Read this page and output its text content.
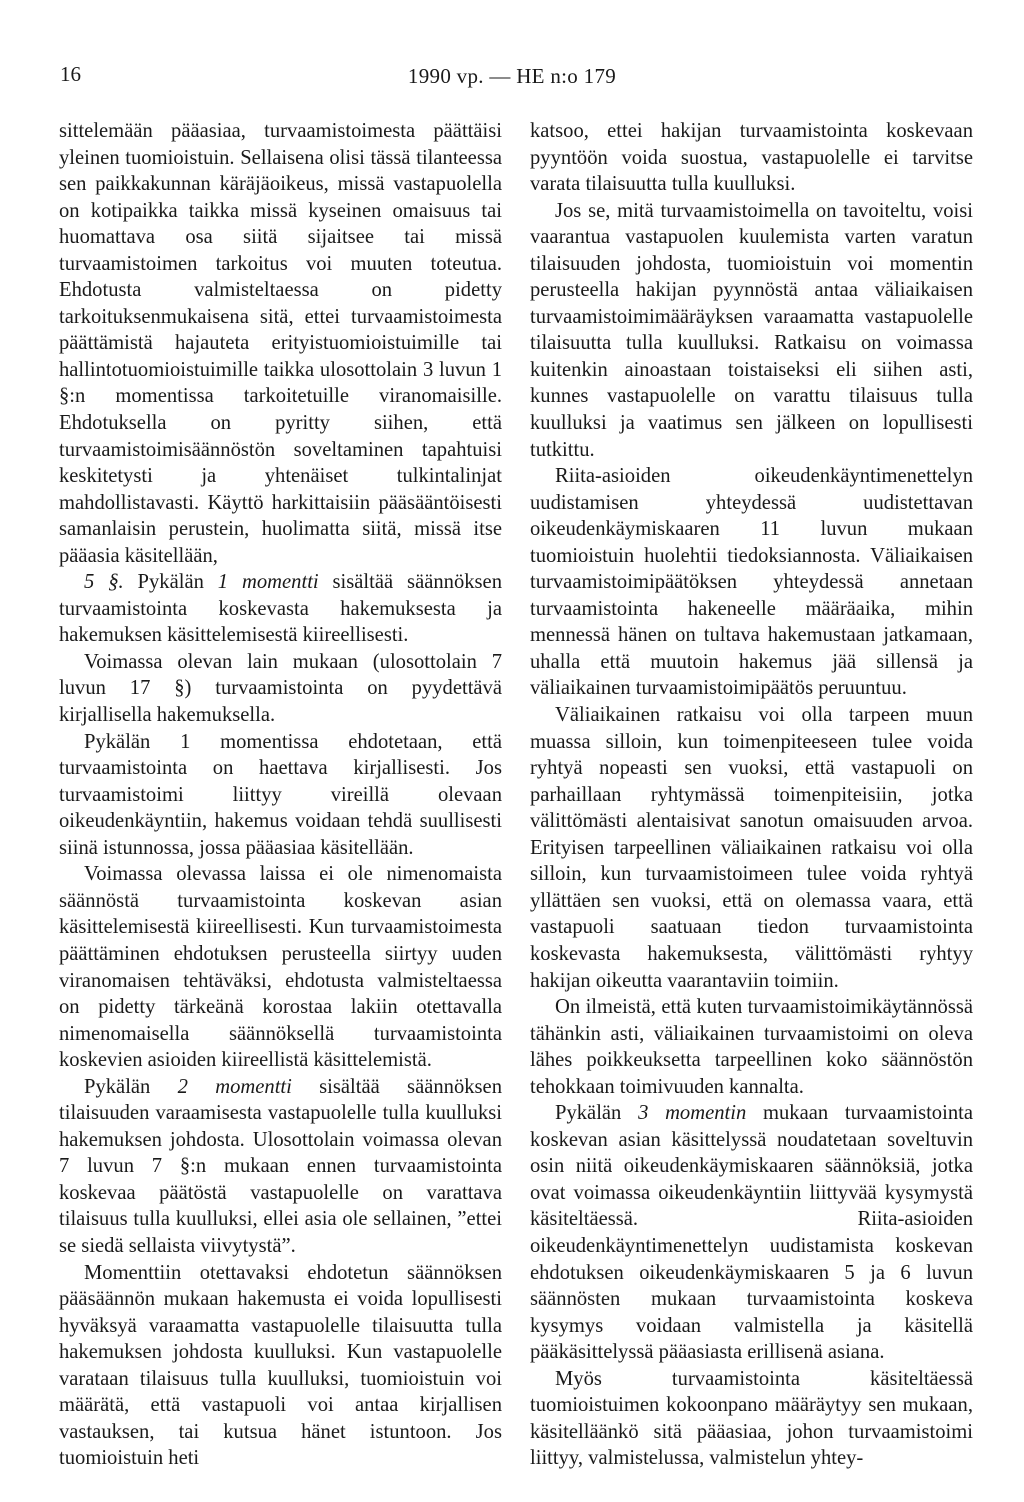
16	1990 vp. — HE n:o 179

sittelemään pääasiaa, turvaamistoimesta päättäisi yleinen tuomioistuin. Sellaisena olisi tässä tilanteessa sen paikkakunnan käräjäoikeus, missä vastapuolella on kotipaikka taikka missä kyseinen omaisuus tai huomattava osa siitä sijaitsee tai missä turvaamistoimen tarkoitus voi muuten toteutua. Ehdotusta valmisteltaessa on pidetty tarkoituksenmukaisena sitä, ettei turvaamistoimesta päättämistä hajauteta erityistuomioistuimille tai hallintotuomioistuimille taikka ulosottolain 3 luvun 1 §:n momentissa tarkoitetuille viranomaisille. Ehdotuksella on pyritty siihen, että turvaamistoimisäännöstön soveltaminen tapahtuisi keskitetysti ja yhtenäiset tulkintalinjat mahdollistavasti. Käyttö harkittaisiin pääsääntöisesti samanlaisin perustein, huolimatta siitä, missä itse pääasia käsitellään,

5 §. Pykälän 1 momentti sisältää säännöksen turvaamistointa koskevasta hakemuksesta ja hakemuksen käsittelemisestä kiireellisesti.

Voimassa olevan lain mukaan (ulosottolain 7 luvun 17 §) turvaamistointa on pyydettävä kirjallisella hakemuksella.

Pykälän 1 momentissa ehdotetaan, että turvaamistointa on haettava kirjallisesti. Jos turvaamistoimi liittyy vireillä olevaan oikeudenkäyntiin, hakemus voidaan tehdä suullisesti siinä istunnossa, jossa pääasiaa käsitellään.

Voimassa olevassa laissa ei ole nimenomaista säännöstä turvaamistointa koskevan asian käsittelemisestä kiireellisesti. Kun turvaamistoimesta päättäminen ehdotuksen perusteella siirtyy uuden viranomaisen tehtäväksi, ehdotusta valmisteltaessa on pidetty tärkeänä korostaa lakiin otettavalla nimenomaisella säännöksellä turvaamistointa koskevien asioiden kiireellistä käsittelemistä.

Pykälän 2 momentti sisältää säännöksen tilaisuuden varaamisesta vastapuolelle tulla kuulluksi hakemuksen johdosta. Ulosottolain voimassa olevan 7 luvun 7 §:n mukaan ennen turvaamistointa koskevaa päätöstä vastapuolelle on varattava tilaisuus tulla kuulluksi, ellei asia ole sellainen, ”ettei se siedä sellaista viivytystä”.

Momenttiin otettavaksi ehdotetun säännöksen pääsäännön mukaan hakemusta ei voida lopullisesti hyväksyä varaamatta vastapuolelle tilaisuutta tulla hakemuksen johdosta kuulluksi. Kun vastapuolelle varataan tilaisuus tulla kuulluksi, tuomioistuin voi määrätä, että vastapuoli voi antaa kirjallisen vastauksen, tai kutsua hänet istuntoon. Jos tuomioistuin heti

katsoo, ettei hakijan turvaamistointa koskevaan pyyntöön voida suostua, vastapuolelle ei tarvitse varata tilaisuutta tulla kuulluksi.

Jos se, mitä turvaamistoimella on tavoiteltu, voisi vaarantua vastapuolen kuulemista varten varatun tilaisuuden johdosta, tuomioistuin voi momentin perusteella hakijan pyynnöstä antaa väliaikaisen turvaamistoimimääräyksen varaamatta vastapuolelle tilaisuutta tulla kuulluksi. Ratkaisu on voimassa kuitenkin ainoastaan toistaiseksi eli siihen asti, kunnes vastapuolelle on varattu tilaisuus tulla kuulluksi ja vaatimus sen jälkeen on lopullisesti tutkittu.

Riita-asioiden oikeudenkäyntimenettelyn uudistamisen yhteydessä uudistettavan oikeudenkäymiskaaren 11 luvun mukaan tuomioistuin huolehtii tiedoksiannosta. Väliaikaisen turvaamistoimipäätöksen yhteydessä annetaan turvaamistointa hakeneelle määräaika, mihin mennessä hänen on tultava hakemustaan jatkamaan, uhalla että muutoin hakemus jää sillensä ja väliaikainen turvaamistoimipäätös peruuntuu.

Väliaikainen ratkaisu voi olla tarpeen muun muassa silloin, kun toimenpiteeseen tulee voida ryhtyä nopeasti sen vuoksi, että vastapuoli on parhaillaan ryhtymässä toimenpiteisiin, jotka välittömästi alentaisivat sanotun omaisuuden arvoa. Erityisen tarpeellinen väliaikainen ratkaisu voi olla silloin, kun turvaamistoimeen tulee voida ryhtyä yllättäen sen vuoksi, että on olemassa vaara, että vastapuoli saatuaan tiedon turvaamistointa koskevasta hakemuksesta, välittömästi ryhtyy hakijan oikeutta vaarantaviin toimiin.

On ilmeistä, että kuten turvaamistoimikäytännössä tähänkin asti, väliaikainen turvaamistoimi on oleva lähes poikkeuksetta tarpeellinen koko säännöstön tehokkaan toimivuuden kannalta.

Pykälän 3 momentin mukaan turvaamistointa koskevan asian käsittelyssä noudatetaan soveltuvin osin niitä oikeudenkäymiskaaren säännöksiä, jotka ovat voimassa oikeudenkäyntiin liittyvää kysymystä käsiteltäessä. Riita-asioiden oikeudenkäyntimenettelyn uudistamista koskevan ehdotuksen oikeudenkäymiskaaren 5 ja 6 luvun säännösten mukaan turvaamistointa koskeva kysymys voidaan valmistella ja käsitellä pääkäsittelyssä pääasiasta erillisenä asiana.

Myös turvaamistointa käsiteltäessä tuomioistuimen kokoonpano määräytyy sen mukaan, käsitelläänkö sitä pääasiaa, johon turvaamistoimi liittyy, valmistelussa, valmistelun yhtey-
